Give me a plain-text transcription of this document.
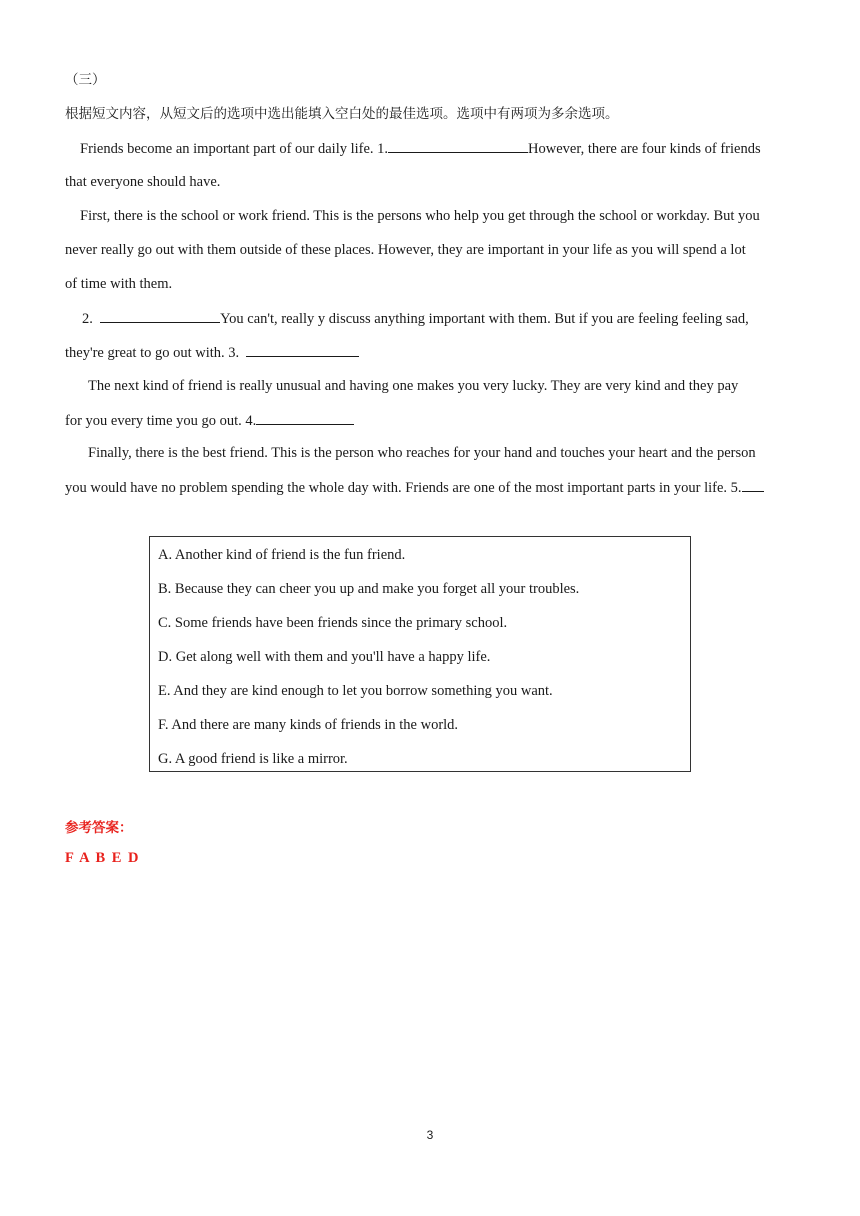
（三）
根据短文内容，从短文后的选项中选出能填入空白处的最佳选项。选项中有两项为多余选项。
Friends become an important part of our daily life. 1.	However, there are four kinds of friends
that everyone should have.
First, there is the school or work friend. This is the persons who help you get through the school or workday. But you
never really go out with them outside of these places. However, they are important in your life as you will spend a lot
of time with them.
2.	You can't, really y discuss anything important with them. But if you are feeling feeling sad,
they're great to go out with. 3.
The next kind of friend is really unusual and having one makes you very lucky. They are very kind and they pay
for you every time you go out. 4.
Finally, there is the best friend. This is the person who reaches for your hand and touches your heart and the person
you would have no problem spending the whole day with. Friends are one of the most important parts in your life. 5.
A. Another kind of friend is the fun friend.
B. Because they can cheer you up and make you forget all your troubles.
C. Some friends have been friends since the primary school.
D. Get along well with them and you'll have a happy life.
E. And they are kind enough to let you borrow something you want.
F. And there are many kinds of friends in the world.
G. A good friend is like a mirror.
参考答案：
F A B E D
3
